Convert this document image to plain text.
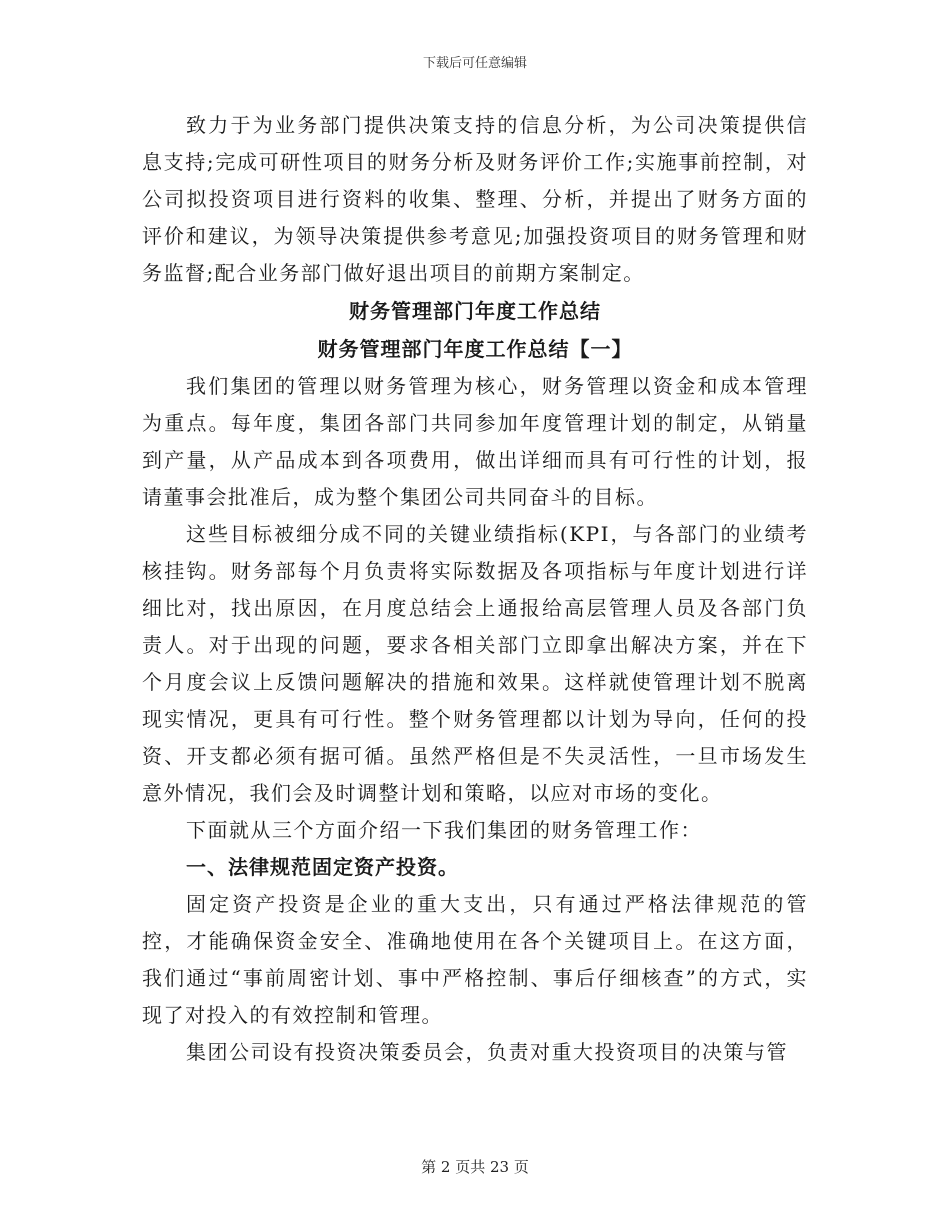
下载后可任意编辑

致力于为业务部门提供决策支持的信息分析，为公司决策提供信息支持;完成可研性项目的财务分析及财务评价工作;实施事前控制，对公司拟投资项目进行资料的收集、整理、分析，并提出了财务方面的评价和建议，为领导决策提供参考意见;加强投资项目的财务管理和财务监督;配合业务部门做好退出项目的前期方案制定。

财务管理部门年度工作总结
财务管理部门年度工作总结【一】

我们集团的管理以财务管理为核心，财务管理以资金和成本管理为重点。每年度，集团各部门共同参加年度管理计划的制定，从销量到产量，从产品成本到各项费用，做出详细而具有可行性的计划，报请董事会批准后，成为整个集团公司共同奋斗的目标。

这些目标被细分成不同的关键业绩指标(KPI，与各部门的业绩考核挂钩。财务部每个月负责将实际数据及各项指标与年度计划进行详细比对，找出原因，在月度总结会上通报给高层管理人员及各部门负责人。对于出现的问题，要求各相关部门立即拿出解决方案，并在下个月度会议上反馈问题解决的措施和效果。这样就使管理计划不脱离现实情况，更具有可行性。整个财务管理都以计划为导向，任何的投资、开支都必须有据可循。虽然严格但是不失灵活性，一旦市场发生意外情况，我们会及时调整计划和策略，以应对市场的变化。

下面就从三个方面介绍一下我们集团的财务管理工作：

一、法律规范固定资产投资。

固定资产投资是企业的重大支出，只有通过严格法律规范的管控，才能确保资金安全、准确地使用在各个关键项目上。在这方面，我们通过“事前周密计划、事中严格控制、事后仔细核查”的方式，实现了对投入的有效控制和管理。

集团公司设有投资决策委员会，负责对重大投资项目的决策与管

第 2 页共 23 页
